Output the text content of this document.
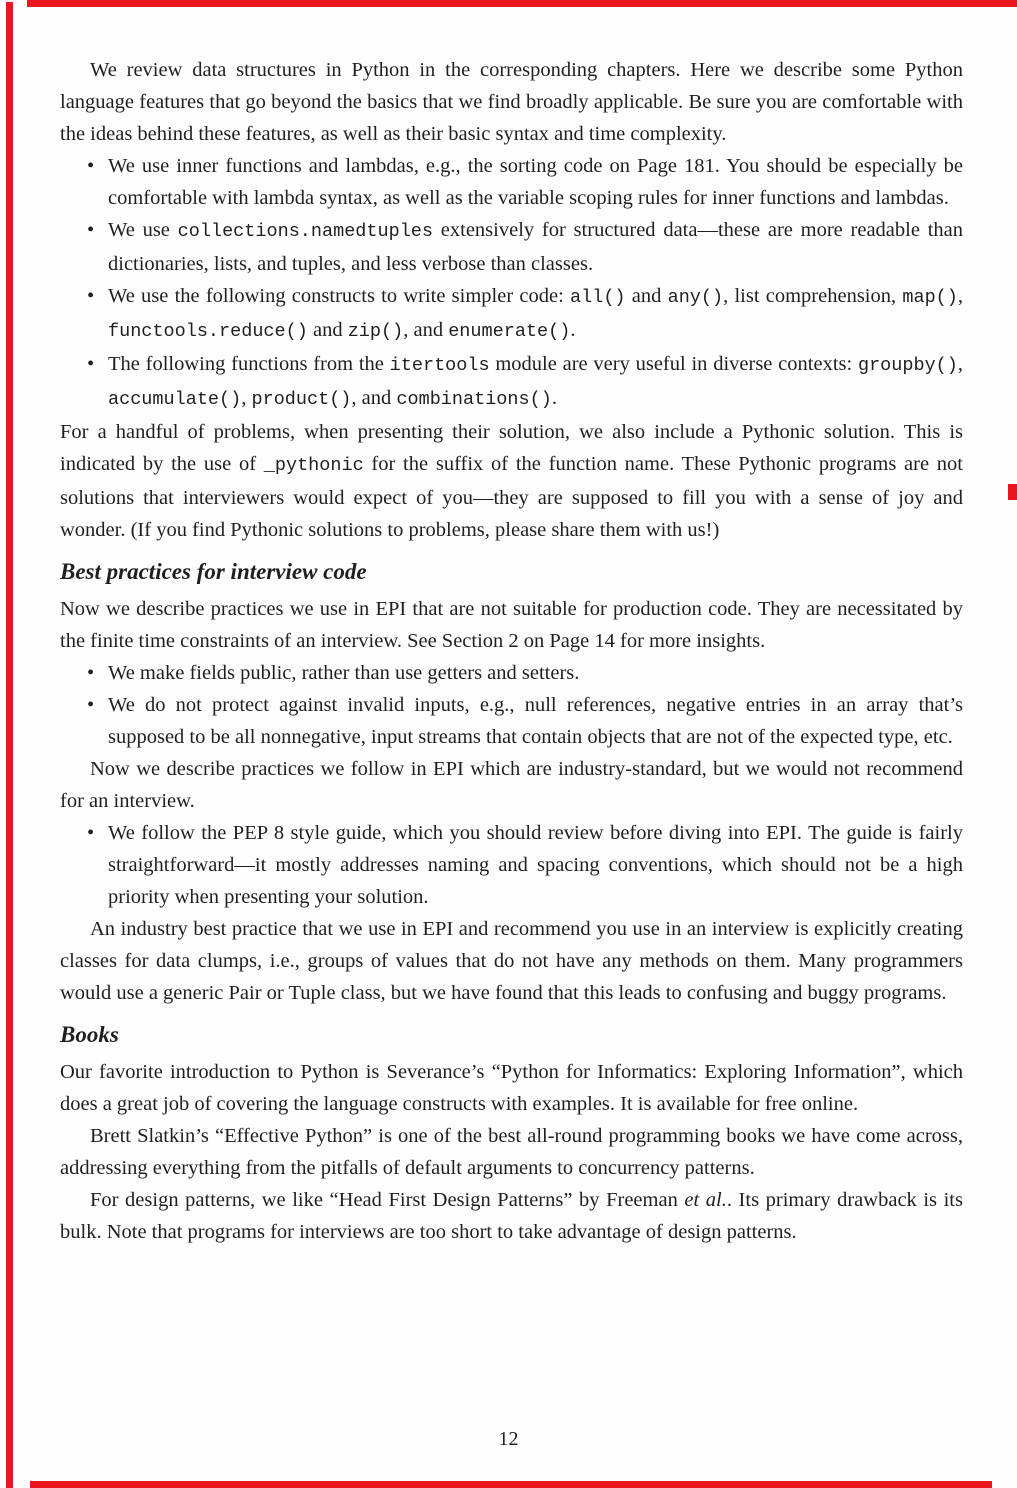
We review data structures in Python in the corresponding chapters. Here we describe some Python language features that go beyond the basics that we find broadly applicable. Be sure you are comfortable with the ideas behind these features, as well as their basic syntax and time complexity.

• We use inner functions and lambdas, e.g., the sorting code on Page 181. You should be especially be comfortable with lambda syntax, as well as the variable scoping rules for inner functions and lambdas.
• We use collections.namedtuples extensively for structured data—these are more readable than dictionaries, lists, and tuples, and less verbose than classes.
• We use the following constructs to write simpler code: all() and any(), list comprehension, map(), functools.reduce() and zip(), and enumerate().
• The following functions from the itertools module are very useful in diverse contexts: groupby(), accumulate(), product(), and combinations().

For a handful of problems, when presenting their solution, we also include a Pythonic solution. This is indicated by the use of _pythonic for the suffix of the function name. These Pythonic programs are not solutions that interviewers would expect of you—they are supposed to fill you with a sense of joy and wonder. (If you find Pythonic solutions to problems, please share them with us!)

Best practices for interview code

Now we describe practices we use in EPI that are not suitable for production code. They are necessitated by the finite time constraints of an interview. See Section 2 on Page 14 for more insights.

• We make fields public, rather than use getters and setters.
• We do not protect against invalid inputs, e.g., null references, negative entries in an array that’s supposed to be all nonnegative, input streams that contain objects that are not of the expected type, etc.

Now we describe practices we follow in EPI which are industry-standard, but we would not recommend for an interview.

• We follow the PEP 8 style guide, which you should review before diving into EPI. The guide is fairly straightforward—it mostly addresses naming and spacing conventions, which should not be a high priority when presenting your solution.

An industry best practice that we use in EPI and recommend you use in an interview is explicitly creating classes for data clumps, i.e., groups of values that do not have any methods on them. Many programmers would use a generic Pair or Tuple class, but we have found that this leads to confusing and buggy programs.

Books

Our favorite introduction to Python is Severance’s “Python for Informatics: Exploring Information”, which does a great job of covering the language constructs with examples. It is available for free online.

Brett Slatkin’s “Effective Python” is one of the best all-round programming books we have come across, addressing everything from the pitfalls of default arguments to concurrency patterns.

For design patterns, we like “Head First Design Patterns” by Freeman et al.. Its primary drawback is its bulk. Note that programs for interviews are too short to take advantage of design patterns.

12
